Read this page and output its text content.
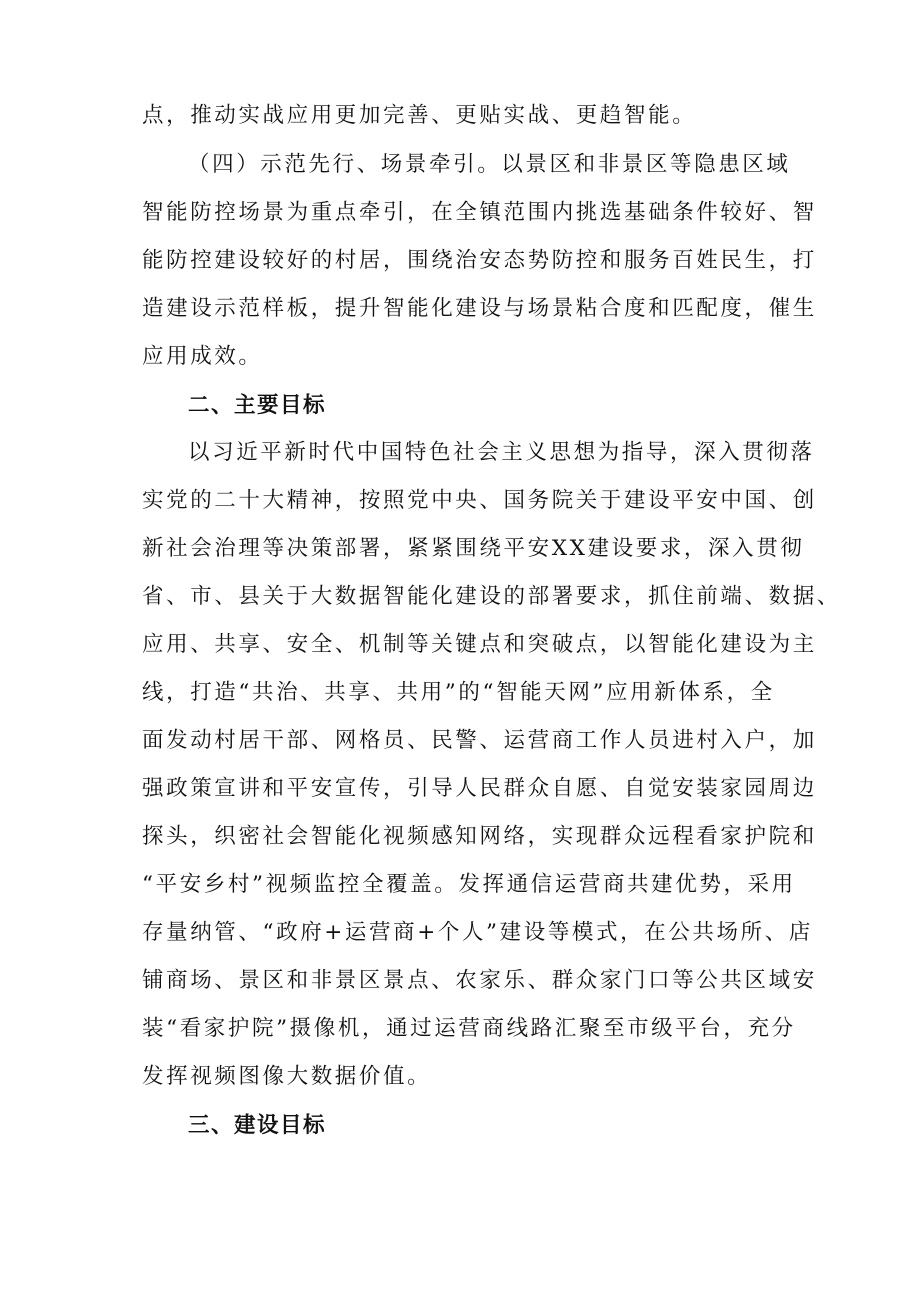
点，推动实战应用更加完善、更贴实战、更趋智能。
（四）示范先行、场景牵引。以景区和非景区等隐患区域
智能防控场景为重点牵引，在全镇范围内挑选基础条件较好、智
能防控建设较好的村居，围绕治安态势防控和服务百姓民生，打
造建设示范样板，提升智能化建设与场景粘合度和匹配度，催生
应用成效。
二、主要目标
以习近平新时代中国特色社会主义思想为指导，深入贯彻落
实党的二十大精神，按照党中央、国务院关于建设平安中国、创
新社会治理等决策部署，紧紧围绕平安XX建设要求，深入贯彻
省、市、县关于大数据智能化建设的部署要求，抓住前端、数据、
应用、共享、安全、机制等关键点和突破点，以智能化建设为主
线，打造“共治、共享、共用”的“智能天网”应用新体系，全
面发动村居干部、网格员、民警、运营商工作人员进村入户，加
强政策宣讲和平安宣传，引导人民群众自愿、自觉安装家园周边
探头，织密社会智能化视频感知网络，实现群众远程看家护院和
“平安乡村”视频监控全覆盖。发挥通信运营商共建优势，采用
存量纳管、“政府+运营商+个人”建设等模式，在公共场所、店
铺商场、景区和非景区景点、农家乐、群众家门口等公共区域安
装“看家护院”摄像机，通过运营商线路汇聚至市级平台，充分
发挥视频图像大数据价值。
三、建设目标
